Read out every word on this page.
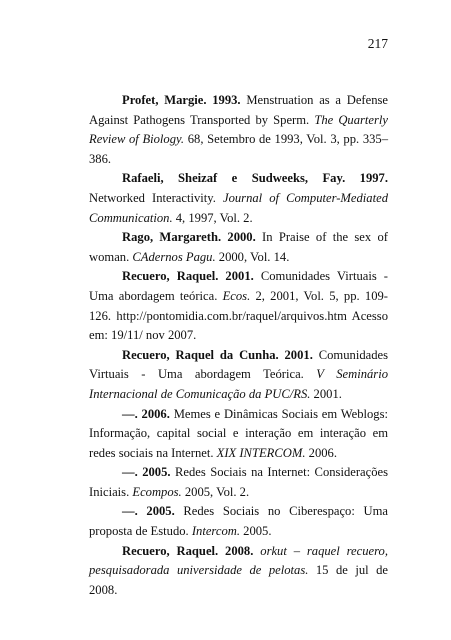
217

Profet, Margie. 1993. Menstruation as a Defense Against Pathogens Transported by Sperm. The Quarterly Review of Biology. 68, Setembro de 1993, Vol. 3, pp. 335–386.

Rafaeli, Sheizaf e Sudweeks, Fay. 1997. Networked Interactivity. Journal of Computer-Mediated Communication. 4, 1997, Vol. 2.

Rago, Margareth. 2000. In Praise of the sex of woman. CAdernos Pagu. 2000, Vol. 14.

Recuero, Raquel. 2001. Comunidades Virtuais - Uma abordagem teórica. Ecos. 2, 2001, Vol. 5, pp. 109-126. http://pontomidia.com.br/raquel/arquivos.htm Acesso em: 19/11/ nov 2007.

Recuero, Raquel da Cunha. 2001. Comunidades Virtuais - Uma abordagem Teórica. V Seminário Internacional de Comunicação da PUC/RS. 2001.

—. 2006. Memes e Dinâmicas Sociais em Weblogs: Informação, capital social e interação em interação em redes sociais na Internet. XIX INTERCOM. 2006.

—. 2005. Redes Sociais na Internet: Considerações Iniciais. Ecompos. 2005, Vol. 2.

—. 2005. Redes Sociais no Ciberespaço: Uma proposta de Estudo. Intercom. 2005.

Recuero, Raquel. 2008. orkut – raquel recuero, pesquisadorada universidade de pelotas. 15 de jul de 2008.
